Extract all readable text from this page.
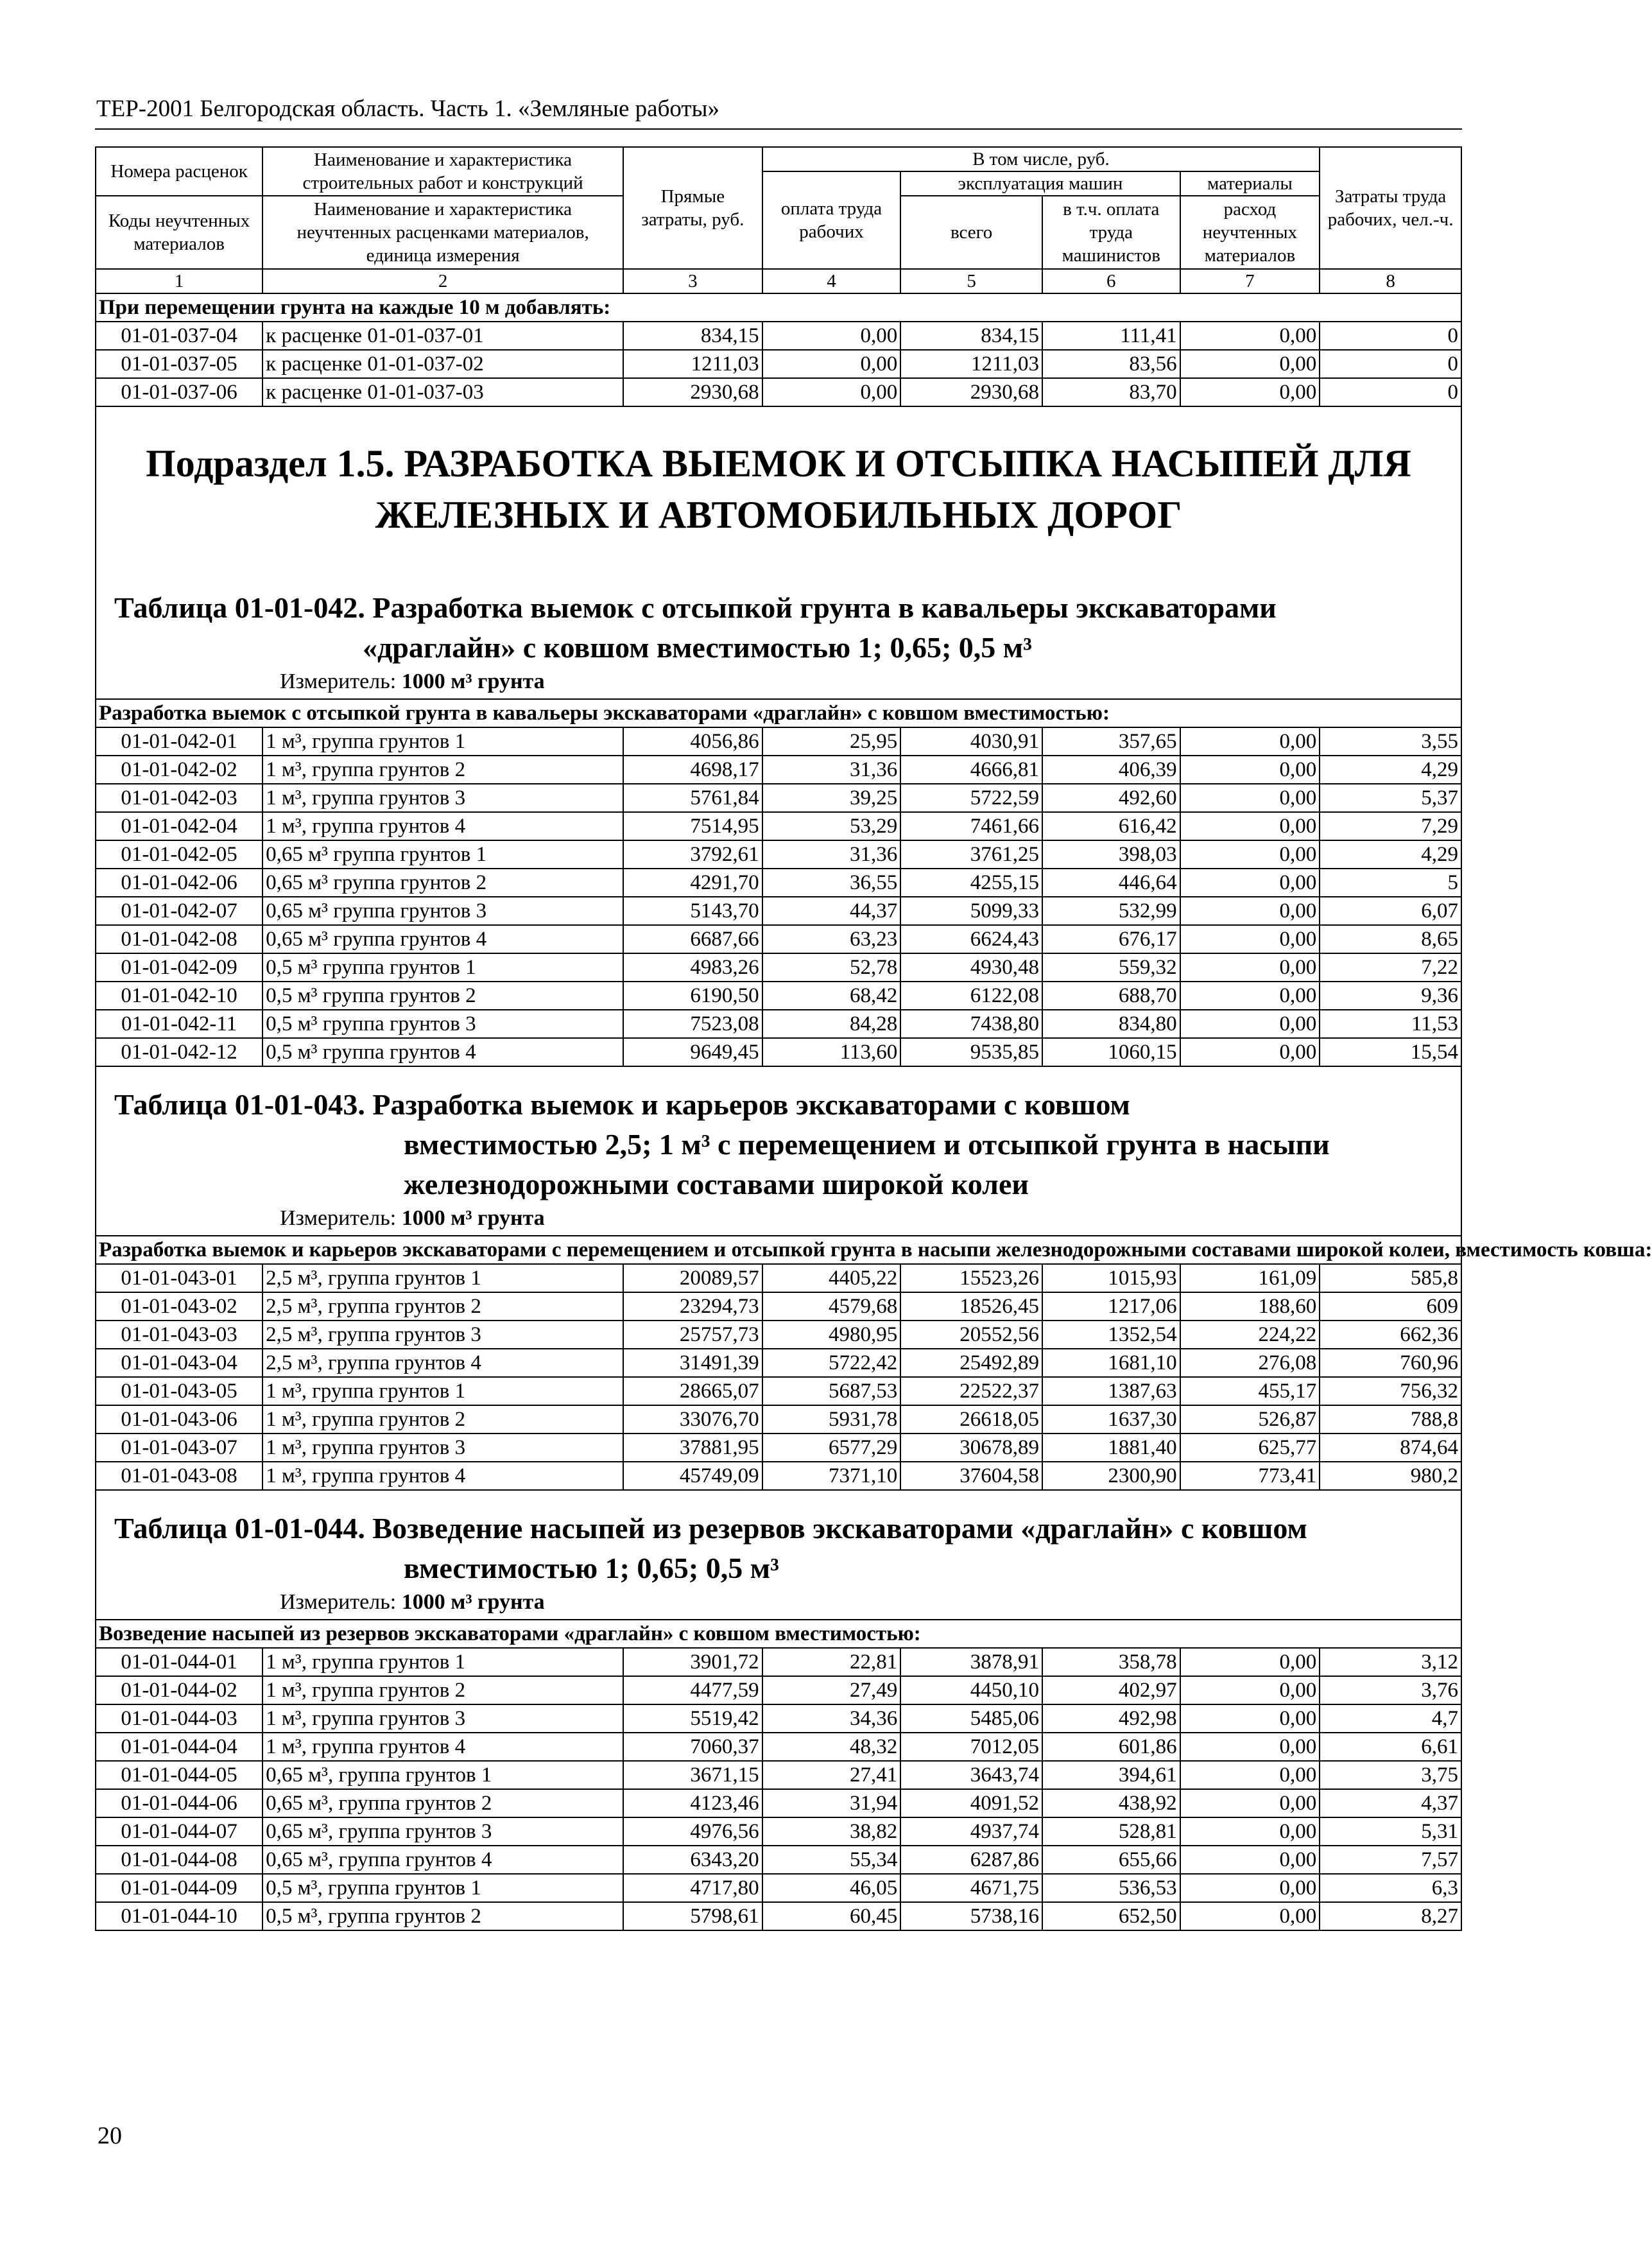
ТЕР-2001 Белгородская область. Часть 1. «Земляные работы»
Номера расценок	Наименование и характеристика строительных работ и конструкций	Прямые затраты, руб.	В том числе, руб.				Затраты труда рабочих, чел.-ч.
			оплата труда рабочих	эксплуатация машин		материалы	
Коды неучтенных материалов	Наименование и характеристика неучтенных расценками материалов, единица измерения			всего	в т.ч. оплата труда машинистов	расход неучтенных материалов	

1	2	3	4	5	6	7	8
При перемещении грунта на каждые 10 м добавлять:							
01-01-037-04	к расценке 01-01-037-01	834,15	0,00	834,15	111,41	0,00	0
01-01-037-05	к расценке 01-01-037-02	1211,03	0,00	1211,03	83,56	0,00	0
01-01-037-06	к расценке 01-01-037-03	2930,68	0,00	2930,68	83,70	0,00	0

Подраздел 1.5. РАЗРАБОТКА ВЫЕМОК И ОТСЫПКА НАСЫПЕЙ ДЛЯ
ЖЕЛЕЗНЫХ И АВТОМОБИЛЬНЫХ ДОРОГ
Таблица 01-01-042. Разработка выемок с отсыпкой грунта в кавальеры экскаваторами
«драглайн» с ковшом вместимостью 1; 0,65; 0,5 м³
Измеритель: 1000 м³ грунта							

Разработка выемок с отсыпкой грунта в кавальеры экскаваторами «драглайн» с ковшом вместимостью:							
01-01-042-01	1 м³, группа грунтов 1	4056,86	25,95	4030,91	357,65	0,00	3,55
01-01-042-02	1 м³, группа грунтов 2	4698,17	31,36	4666,81	406,39	0,00	4,29
01-01-042-03	1 м³, группа грунтов 3	5761,84	39,25	5722,59	492,60	0,00	5,37
01-01-042-04	1 м³, группа грунтов 4	7514,95	53,29	7461,66	616,42	0,00	7,29
01-01-042-05	0,65 м³ группа грунтов 1	3792,61	31,36	3761,25	398,03	0,00	4,29
01-01-042-06	0,65 м³ группа грунтов 2	4291,70	36,55	4255,15	446,64	0,00	5
01-01-042-07	0,65 м³ группа грунтов 3	5143,70	44,37	5099,33	532,99	0,00	6,07
01-01-042-08	0,65 м³ группа грунтов 4	6687,66	63,23	6624,43	676,17	0,00	8,65
01-01-042-09	0,5 м³ группа грунтов 1	4983,26	52,78	4930,48	559,32	0,00	7,22
01-01-042-10	0,5 м³ группа грунтов 2	6190,50	68,42	6122,08	688,70	0,00	9,36
01-01-042-11	0,5 м³ группа грунтов 3	7523,08	84,28	7438,80	834,80	0,00	11,53
01-01-042-12	0,5 м³ группа грунтов 4	9649,45	113,60	9535,85	1060,15	0,00	15,54

Таблица 01-01-043. Разработка выемок и карьеров экскаваторами с ковшом
вместимостью 2,5; 1 м³ с перемещением и отсыпкой грунта в насыпи
железнодорожными составами широкой колеи
Измеритель: 1000 м³ грунта							

Разработка выемок и карьеров экскаваторами с перемещением и отсыпкой грунта в насыпи железнодорожными составами широкой колеи, вместимость ковша:							
01-01-043-01	2,5 м³, группа грунтов 1	20089,57	4405,22	15523,26	1015,93	161,09	585,8
01-01-043-02	2,5 м³, группа грунтов 2	23294,73	4579,68	18526,45	1217,06	188,60	609
01-01-043-03	2,5 м³, группа грунтов 3	25757,73	4980,95	20552,56	1352,54	224,22	662,36
01-01-043-04	2,5 м³, группа грунтов 4	31491,39	5722,42	25492,89	1681,10	276,08	760,96
01-01-043-05	1 м³, группа грунтов 1	28665,07	5687,53	22522,37	1387,63	455,17	756,32
01-01-043-06	1 м³, группа грунтов 2	33076,70	5931,78	26618,05	1637,30	526,87	788,8
01-01-043-07	1 м³, группа грунтов 3	37881,95	6577,29	30678,89	1881,40	625,77	874,64
01-01-043-08	1 м³, группа грунтов 4	45749,09	7371,10	37604,58	2300,90	773,41	980,2

Таблица 01-01-044. Возведение насыпей из резервов экскаваторами «драглайн» с ковшом
вместимостью 1; 0,65; 0,5 м³
Измеритель: 1000 м³ грунта							

Возведение насыпей из резервов экскаваторами «драглайн» с ковшом вместимостью:							
01-01-044-01	1 м³, группа грунтов 1	3901,72	22,81	3878,91	358,78	0,00	3,12
01-01-044-02	1 м³, группа грунтов 2	4477,59	27,49	4450,10	402,97	0,00	3,76
01-01-044-03	1 м³, группа грунтов 3	5519,42	34,36	5485,06	492,98	0,00	4,7
01-01-044-04	1 м³, группа грунтов 4	7060,37	48,32	7012,05	601,86	0,00	6,61
01-01-044-05	0,65 м³, группа грунтов 1	3671,15	27,41	3643,74	394,61	0,00	3,75
01-01-044-06	0,65 м³, группа грунтов 2	4123,46	31,94	4091,52	438,92	0,00	4,37
01-01-044-07	0,65 м³, группа грунтов 3	4976,56	38,82	4937,74	528,81	0,00	5,31
01-01-044-08	0,65 м³, группа грунтов 4	6343,20	55,34	6287,86	655,66	0,00	7,57
01-01-044-09	0,5 м³, группа грунтов 1	4717,80	46,05	4671,75	536,53	0,00	6,3
01-01-044-10	0,5 м³, группа грунтов 2	5798,61	60,45	5738,16	652,50	0,00	8,27
20
